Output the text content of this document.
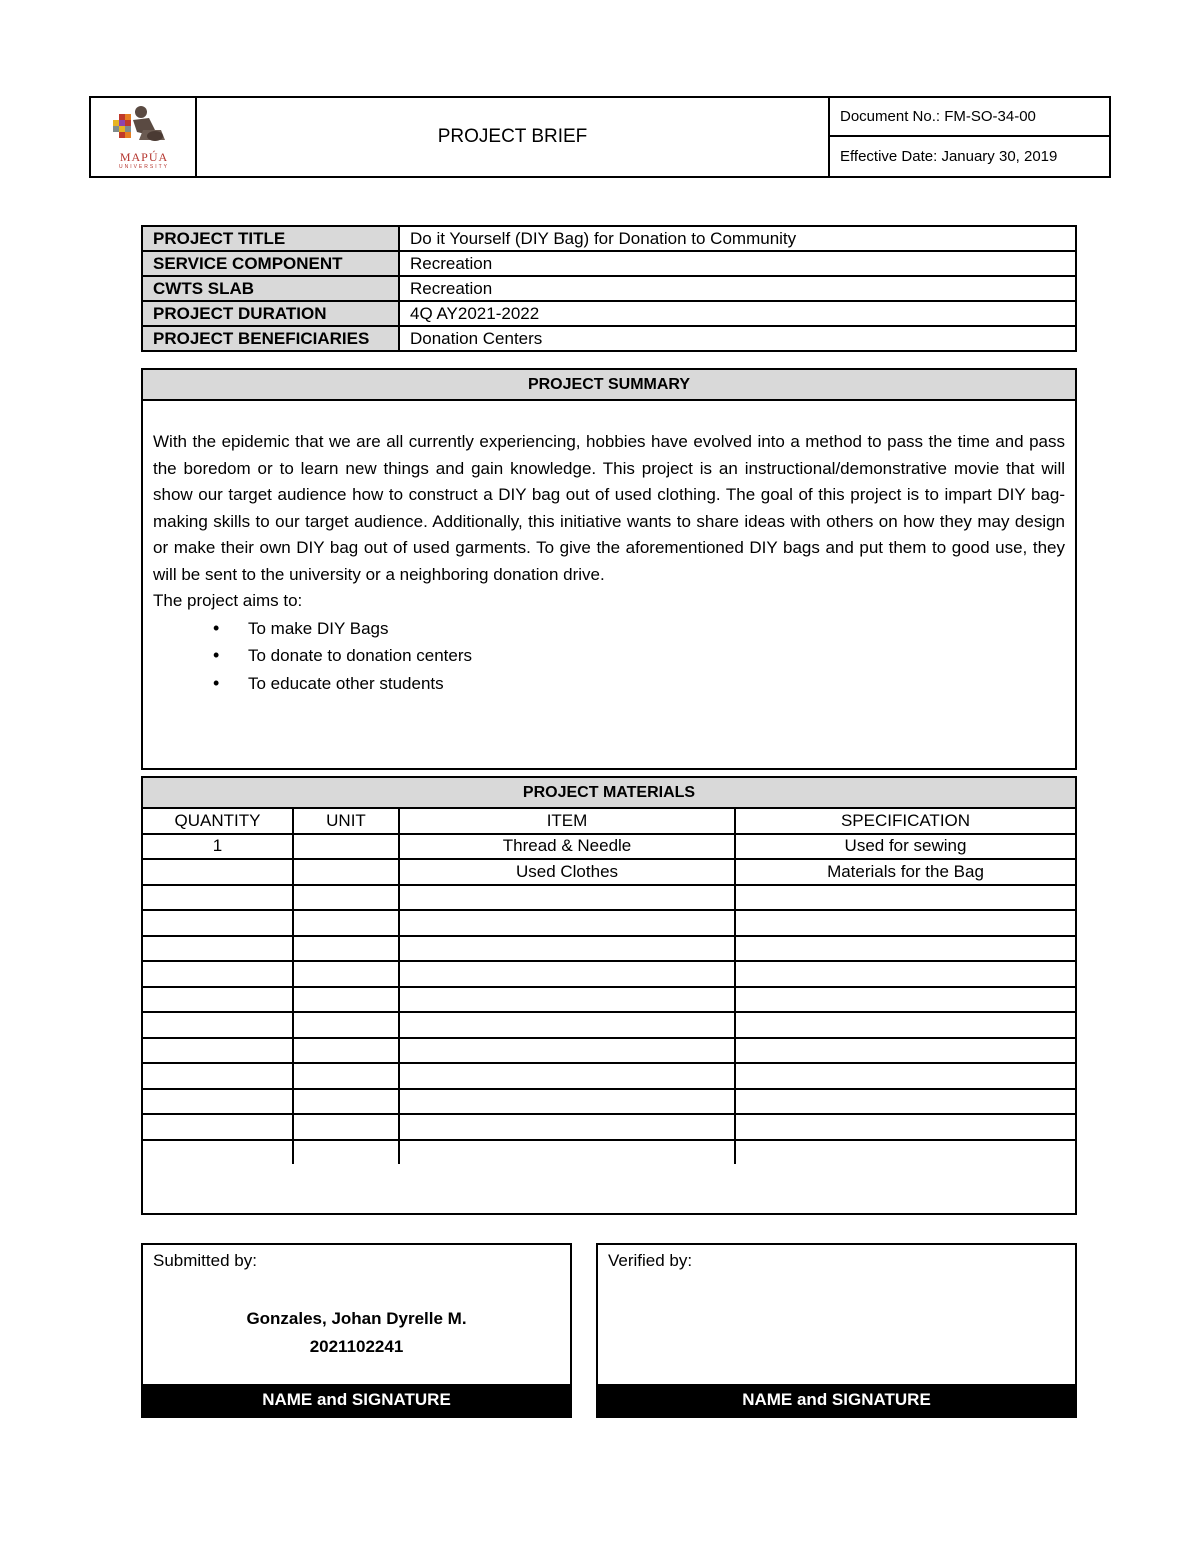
MAPÚA
UNIVERSITY
PROJECT BRIEF
Document No.: FM-SO-34-00
Effective Date: January 30, 2019
PROJECT TITLE	Do it Yourself (DIY Bag) for Donation to Community
SERVICE COMPONENT	Recreation
CWTS SLAB	Recreation
PROJECT DURATION	4Q AY2021-2022
PROJECT BENEFICIARIES	Donation Centers
PROJECT SUMMARY

With the epidemic that we are all currently experiencing, hobbies have evolved into a method to pass the time and pass the boredom or to learn new things and gain knowledge. This project is an instructional/demonstrative movie that will show our target audience how to construct a DIY bag out of used clothing. The goal of this project is to impart DIY bag-making skills to our target audience. Additionally, this initiative wants to share ideas with others on how they may design or make their own DIY bag out of used garments. To give the aforementioned DIY bags and put them to good use, they will be sent to the university or a neighboring donation drive.

The project aims to:

• To make DIY Bags
• To donate to donation centers
• To educate other students
PROJECT MATERIALS
QUANTITY	UNIT	ITEM	SPECIFICATION
1		Thread & Needle	Used for sewing
		Used Clothes	Materials for the Bag

Submitted by:
Gonzales, Johan Dyrelle M.
2021102241
NAME and SIGNATURE
Verified by:
NAME and SIGNATURE
